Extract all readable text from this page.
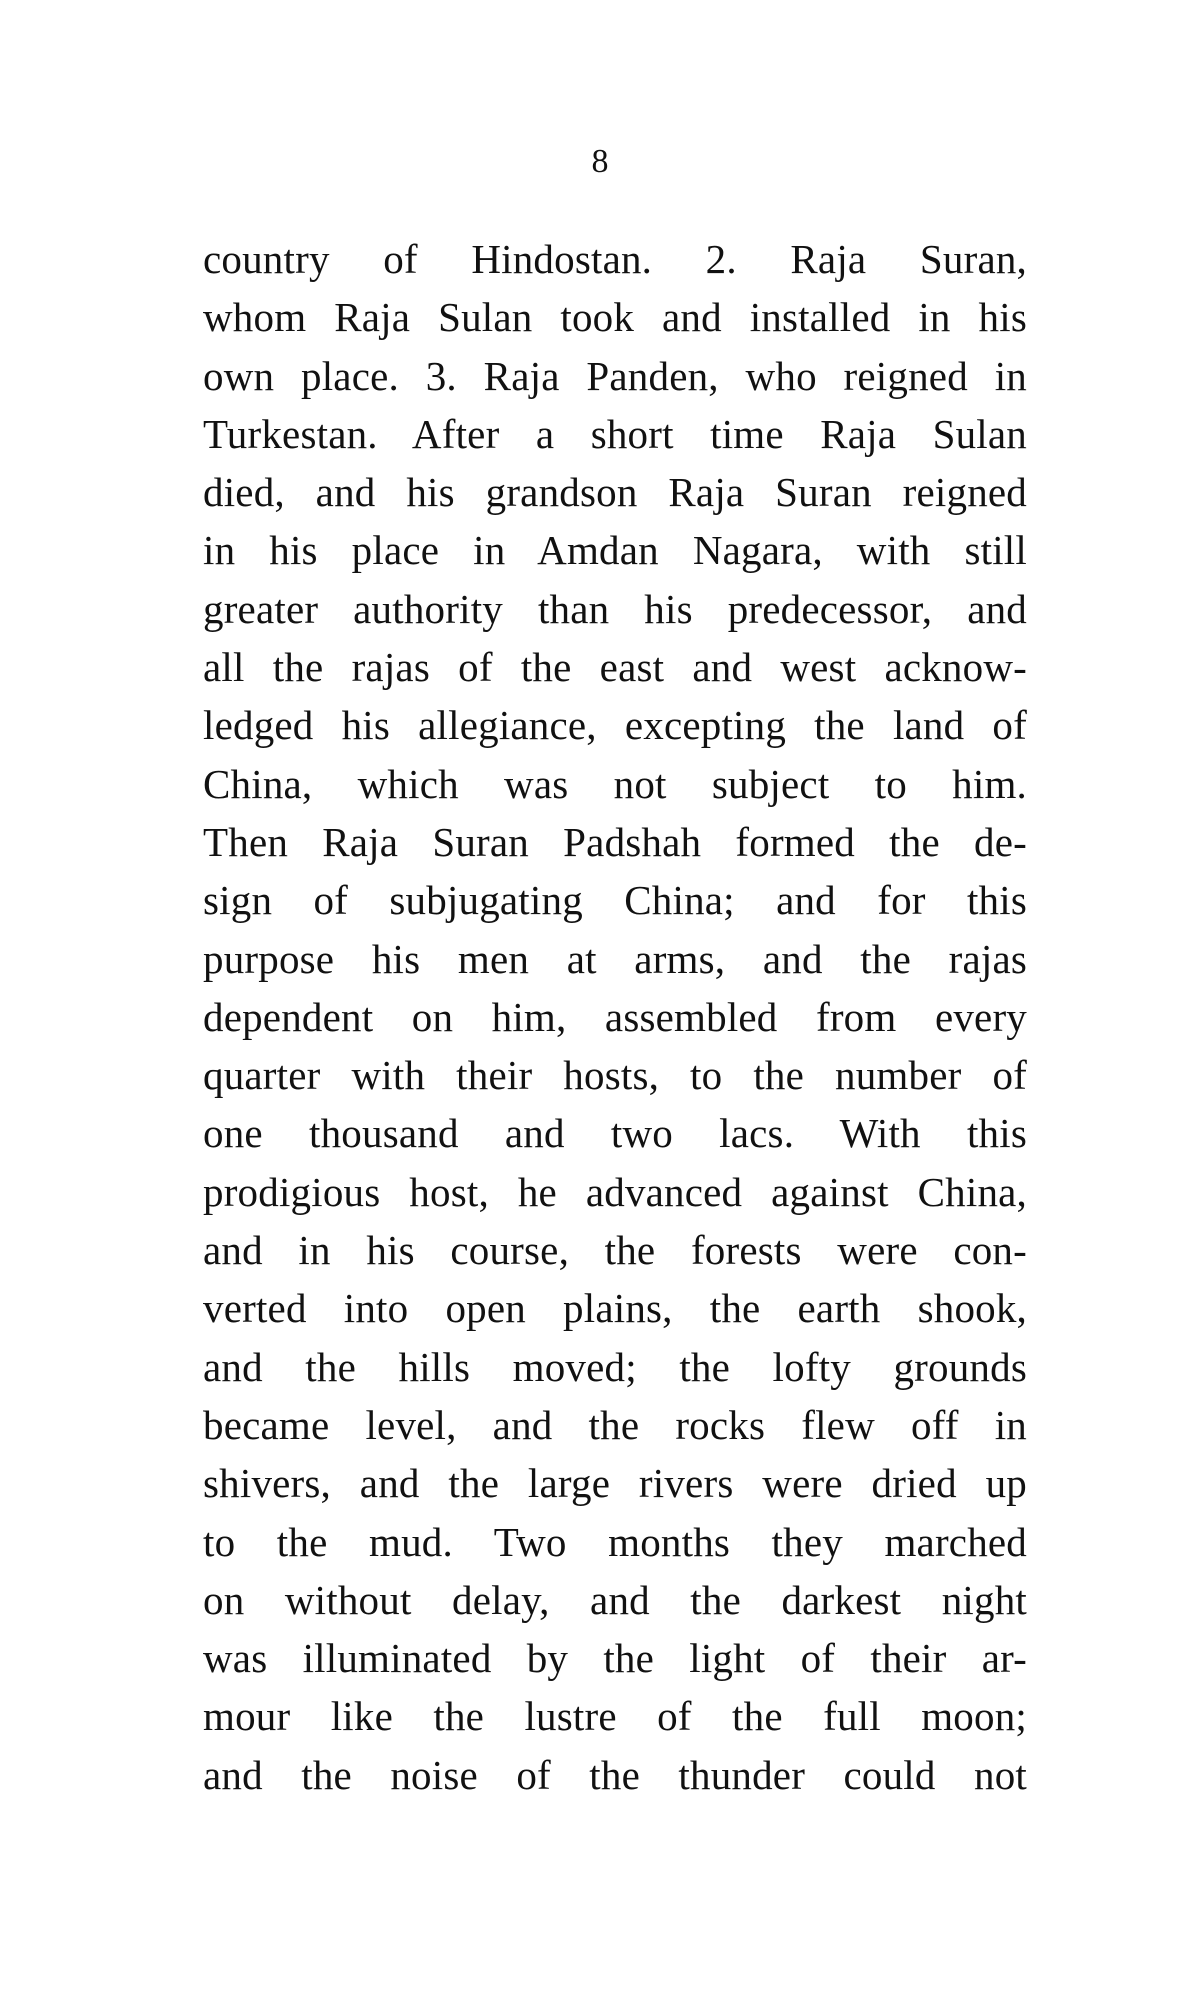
8
country of Hindostan. 2. Raja Suran,
whom Raja Sulan took and installed in his
own place. 3. Raja Panden, who reigned in
Turkestan. After a short time Raja Sulan
died, and his grandson Raja Suran reigned
in his place in Amdan Nagara, with still
greater authority than his predecessor, and
all the rajas of the east and west acknow-
ledged his allegiance, excepting the land of
China, which was not subject to him.
Then Raja Suran Padshah formed the de-
sign of subjugating China; and for this
purpose his men at arms, and the rajas
dependent on him, assembled from every
quarter with their hosts, to the number of
one thousand and two lacs. With this
prodigious host, he advanced against China,
and in his course, the forests were con-
verted into open plains, the earth shook,
and the hills moved; the lofty grounds
became level, and the rocks flew off in
shivers, and the large rivers were dried up
to the mud. Two months they marched
on without delay, and the darkest night
was illuminated by the light of their ar-
mour like the lustre of the full moon;
and the noise of the thunder could not
